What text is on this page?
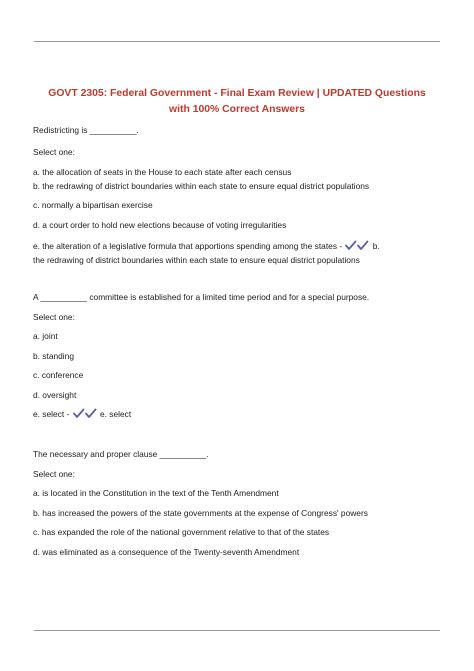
GOVT 2305: Federal Government - Final Exam Review | UPDATED Questions
with 100% Correct Answers
Redistricting is __________.
Select one:
a. the allocation of seats in the House to each state after each census
b. the redrawing of district boundaries within each state to ensure equal district populations
c. normally a bipartisan exercise
d. a court order to hold new elections because of voting irregularities
e. the alteration of a legislative formula that apportions spending among the states -	b.
the redrawing of district boundaries within each state to ensure equal district populations
A __________ committee is established for a limited time period and for a special purpose.
Select one:
a. joint
b. standing
c. conference
d. oversight
e. select -	e. select
The necessary and proper clause __________.
Select one:
a. is located in the Constitution in the text of the Tenth Amendment
b. has increased the powers of the state governments at the expense of Congress' powers
c. has expanded the role of the national government relative to that of the states
d. was eliminated as a consequence of the Twenty-seventh Amendment
